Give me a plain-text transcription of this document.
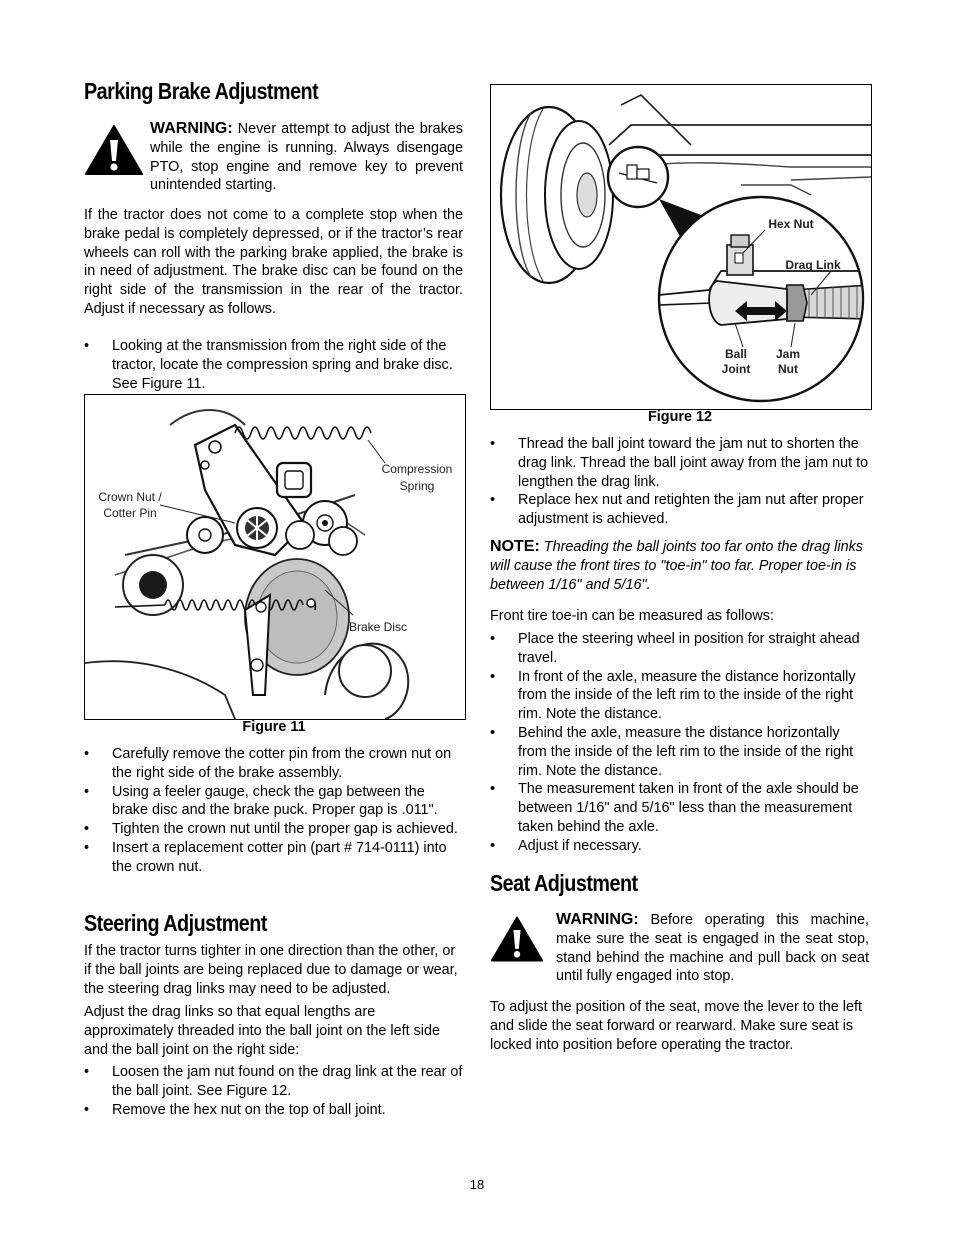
Parking Brake Adjustment

WARNING: Never attempt to adjust the brakes while the engine is running. Always disengage PTO, stop engine and remove key to prevent unintended starting.

If the tractor does not come to a complete stop when the brake pedal is completely depressed, or if the tractor’s rear wheels can roll with the parking brake applied, the brake is in need of adjustment. The brake disc can be found on the right side of the transmission in the rear of the tractor. Adjust if necessary as follows.

• Looking at the transmission from the right side of the tractor, locate the compression spring and brake disc. See Figure 11.
Compression
Spring
Crown Nut /
Cotter Pin
Brake Disc
Figure 11
• Carefully remove the cotter pin from the crown nut on the right side of the brake assembly.
• Using a feeler gauge, check the gap between the brake disc and the brake puck. Proper gap is .011".
• Tighten the crown nut until the proper gap is achieved.
• Insert a replacement cotter pin (part # 714-0111) into the crown nut.
Steering Adjustment

If the tractor turns tighter in one direction than the other, or if the ball joints are being replaced due to damage or wear, the steering drag links may need to be adjusted.

Adjust the drag links so that equal lengths are approximately threaded into the ball joint on the left side and the ball joint on the right side:

• Loosen the jam nut found on the drag link at the rear of the ball joint. See Figure 12.
• Remove the hex nut on the top of ball joint.
Hex Nut
Drag Link
Ball
Joint
Jam
Nut
Figure 12
• Thread the ball joint toward the jam nut to shorten the drag link. Thread the ball joint away from the jam nut to lengthen the drag link.
• Replace hex nut and retighten the jam nut after proper adjustment is achieved.

NOTE: Threading the ball joints too far onto the drag links will cause the front tires to "toe-in" too far. Proper toe-in is between 1/16" and 5/16".

Front tire toe-in can be measured as follows:

• Place the steering wheel in position for straight ahead travel.
• In front of the axle, measure the distance horizontally from the inside of the left rim to the inside of the right rim. Note the distance.
• Behind the axle, measure the distance horizontally from the inside of the left rim to the inside of the right rim. Note the distance.
• The measurement taken in front of the axle should be between 1/16" and 5/16" less than the measurement taken behind the axle.
• Adjust if necessary.
Seat Adjustment

WARNING: Before operating this machine, make sure the seat is engaged in the seat stop, stand behind the machine and pull back on seat until fully engaged into stop.

To adjust the position of the seat, move the lever to the left and slide the seat forward or rearward. Make sure seat is locked into position before operating the tractor.

18
